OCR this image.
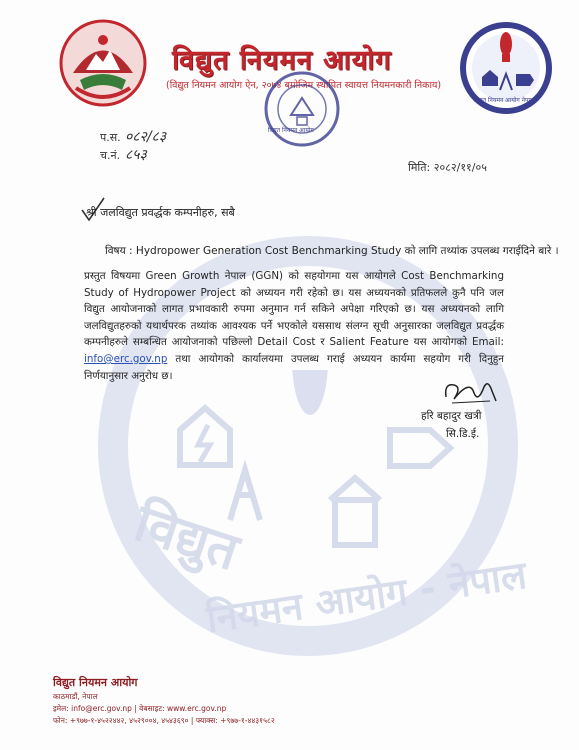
विद्युत
नियमन आयोग - नेपाल
विद्युत नियमन आयोग
(विद्युत नियमन आयोग ऐन, २०७४ बमोजिम स्थापित स्वायत्त नियमनकारी निकाय)
विद्युत नियमन आयोग
विद्युत नियमन आयोग नेपाल
प.स. ०८२/८३
च.नं. ८५३
मिति: २०८२/११/०५
श्री जलविद्युत प्रवर्द्धक कम्पनीहरु, सबै
विषय : Hydropower Generation Cost Benchmarking Study को लागि तथ्यांक उपलब्ध गराईदिने बारे ।
प्रस्तुत विषयमा Green Growth नेपाल (GGN) को सहयोगमा यस आयोगले Cost Benchmarking Study of Hydropower Project को अध्ययन गरी रहेको छ। यस अध्ययनको प्रतिफलले कुनै पनि जल विद्युत आयोजनाको लागत प्रभावकारी रुपमा अनुमान गर्न सकिने अपेक्षा गरिएको छ। यस अध्ययनको लागि जलविद्युतहरुको यथार्थपरक तथ्यांक आवश्यक पर्ने भएकोले यससाथ संलग्न सूची अनुसारका जलविद्युत प्रवर्द्धक कम्पनीहरुले सम्बन्धित आयोजनाको पछिल्लो Detail Cost र Salient Feature यस आयोगको Email: info@erc.gov.np तथा आयोगको कार्यालयमा उपलब्ध गराई अध्ययन कार्यमा सहयोग गरी दिनुहुन निर्णयानुसार अनुरोध छ।
हरि बहादुर खत्री
सि.डि.ई.
विद्युत नियमन आयोग
काठमाडौं, नेपाल
इमेल: info@erc.gov.np | वेबसाइट: www.erc.gov.np
फोन: +९७७-१-४५२२४४२, ४५२९००४, ४५४३६९० | फ्याक्स: +९७७-१-४४३१५८२
